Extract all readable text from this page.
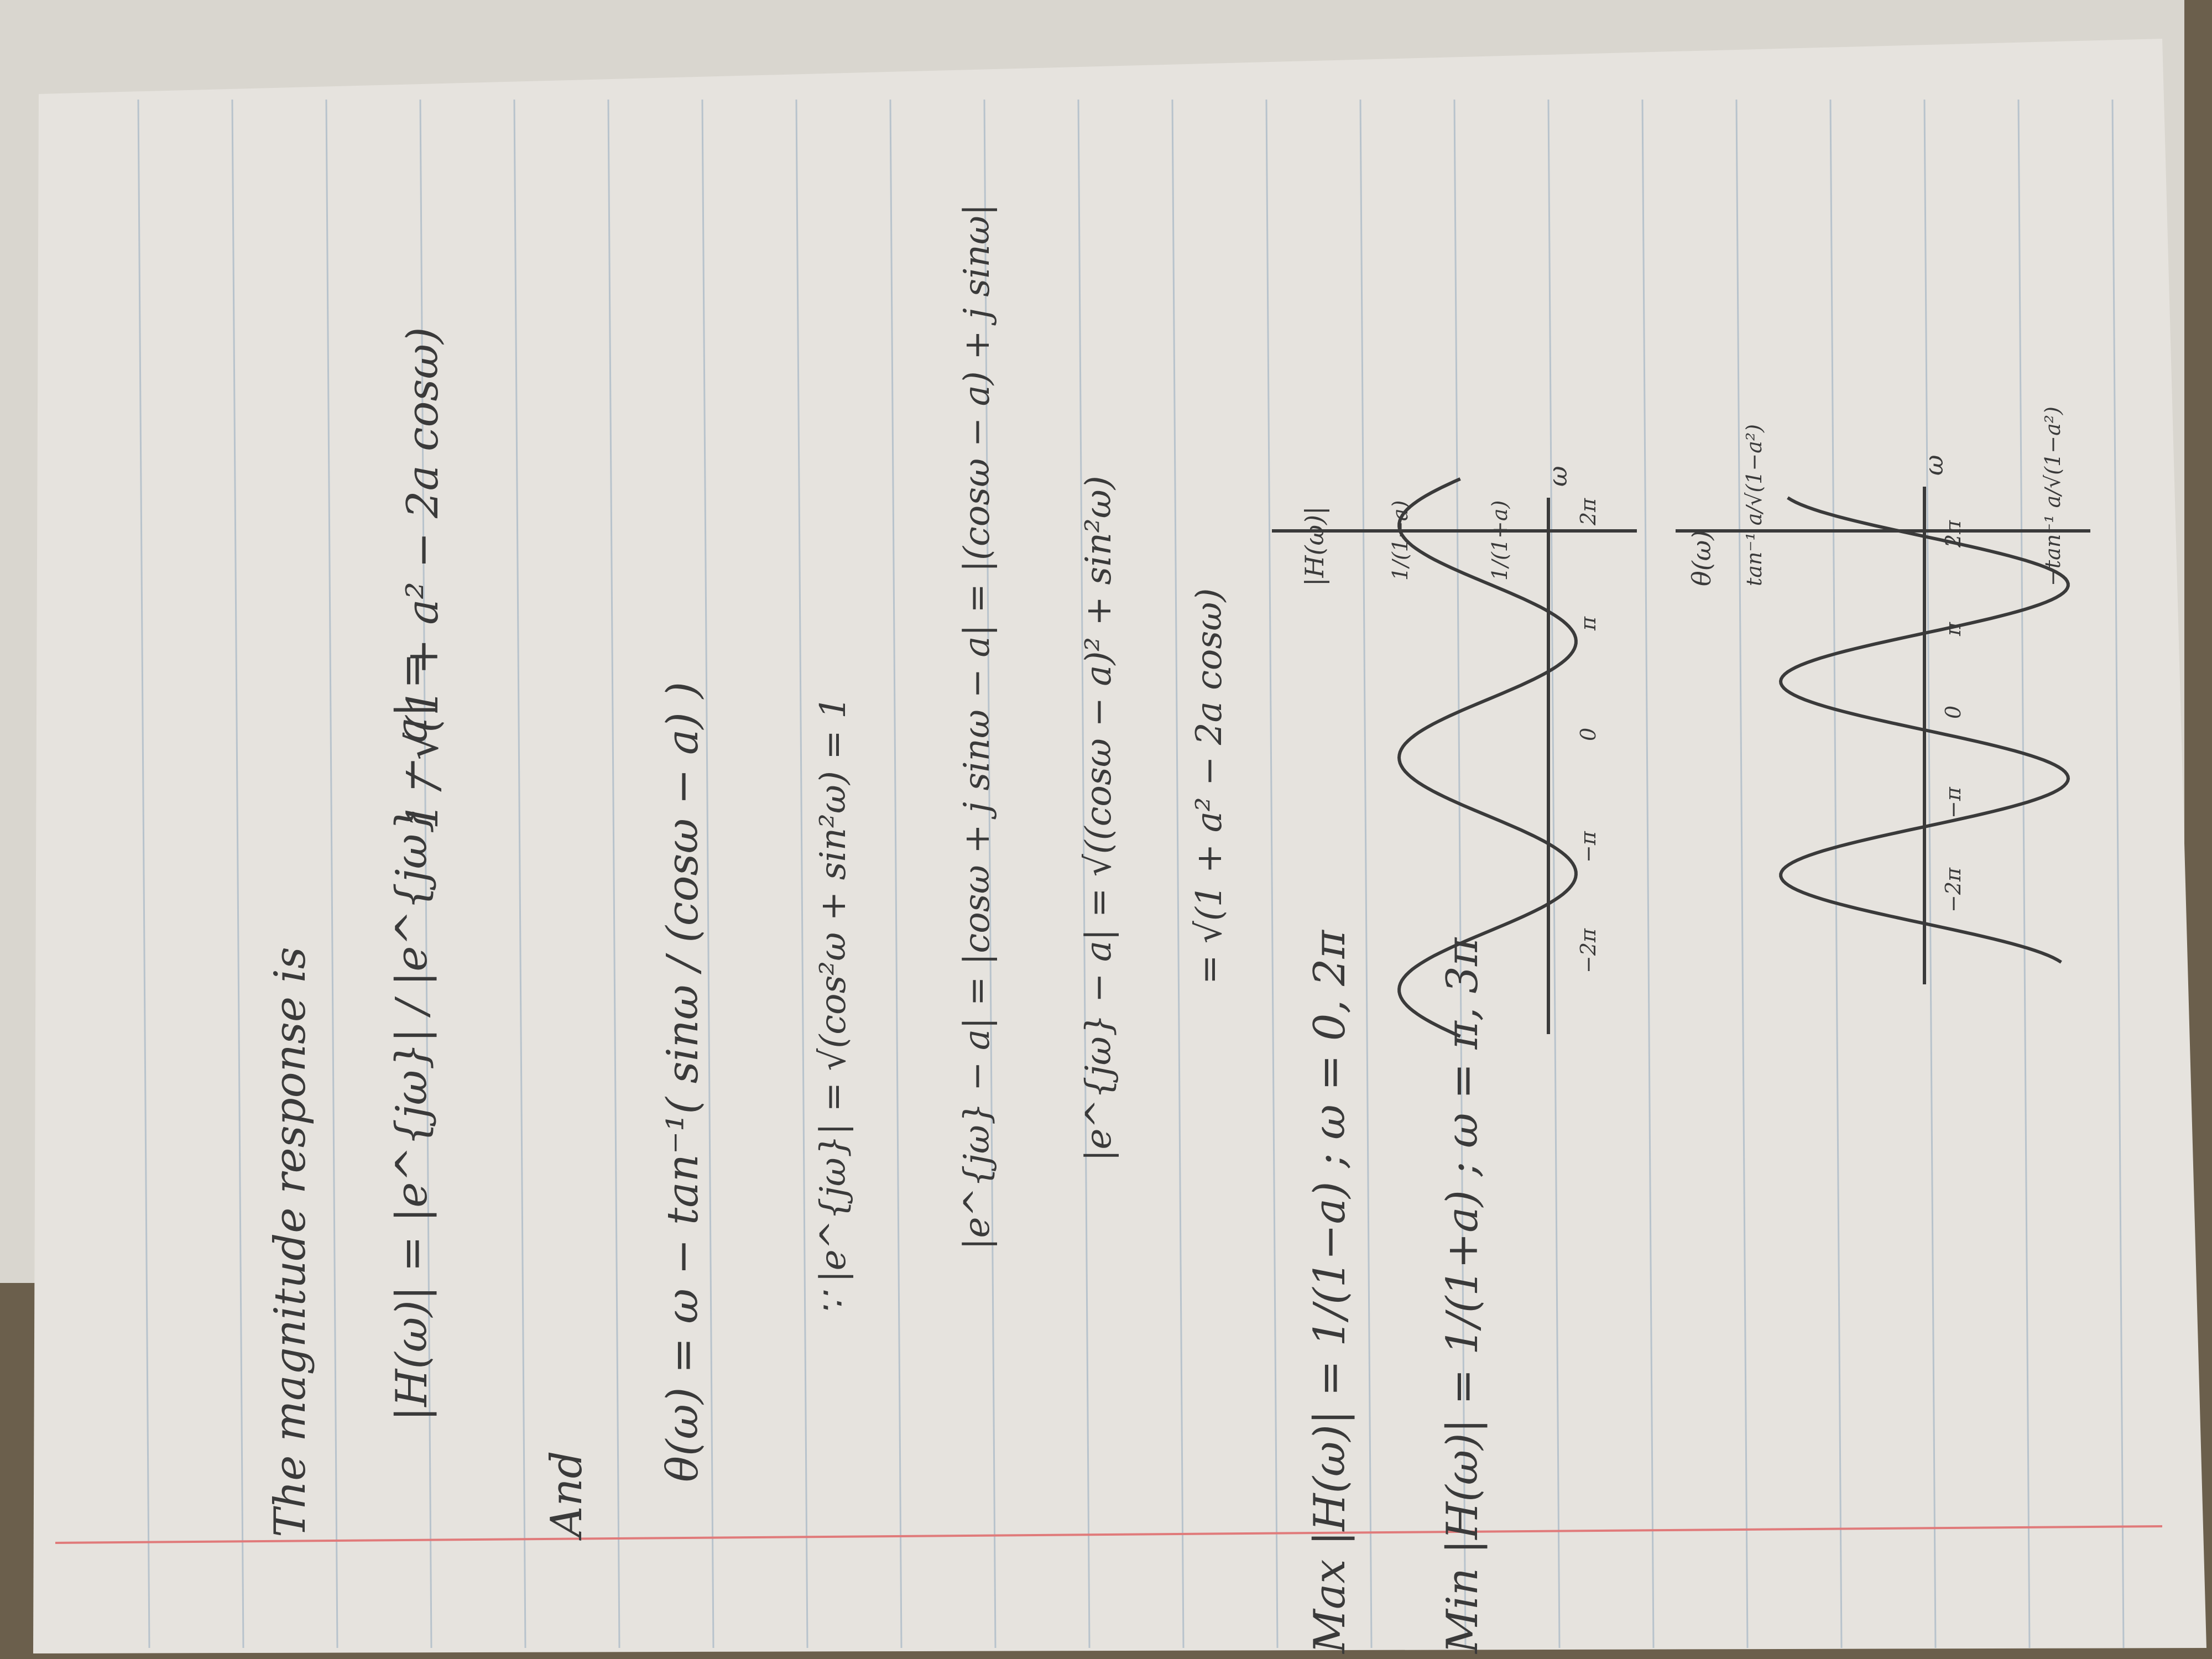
The magnitude response is |H(ω)| = |e^{jω}| / |e^{jω} − a| =
1 / √(1 + a² − 2a cosω)
And
θ(ω) = ω − tan⁻¹( sinω / (cosω − a) )	∵ |e^{jω}| = √(cos²ω + sin²ω) = 1	|e^{jω} − a| = |cosω + j sinω − a| = |(cosω − a) + j sinω| |e^{jω} − a| = √((cosω − a)² + sin²ω) = √(1 + a² − 2a cosω)
Max |H(ω)| = 1/(1−a) ; ω = 0, 2π Min |H(ω)| = 1/(1+a) ; ω = π, 3π
|H(ω)|
ω
1/(1−a)	1/(1+a)
−2π
−π
0
π
2π
θ(ω)
ω
tan⁻¹ a/√(1−a²)	−tan⁻¹ a/√(1−a²)
−2π
−π
0
π
2π
